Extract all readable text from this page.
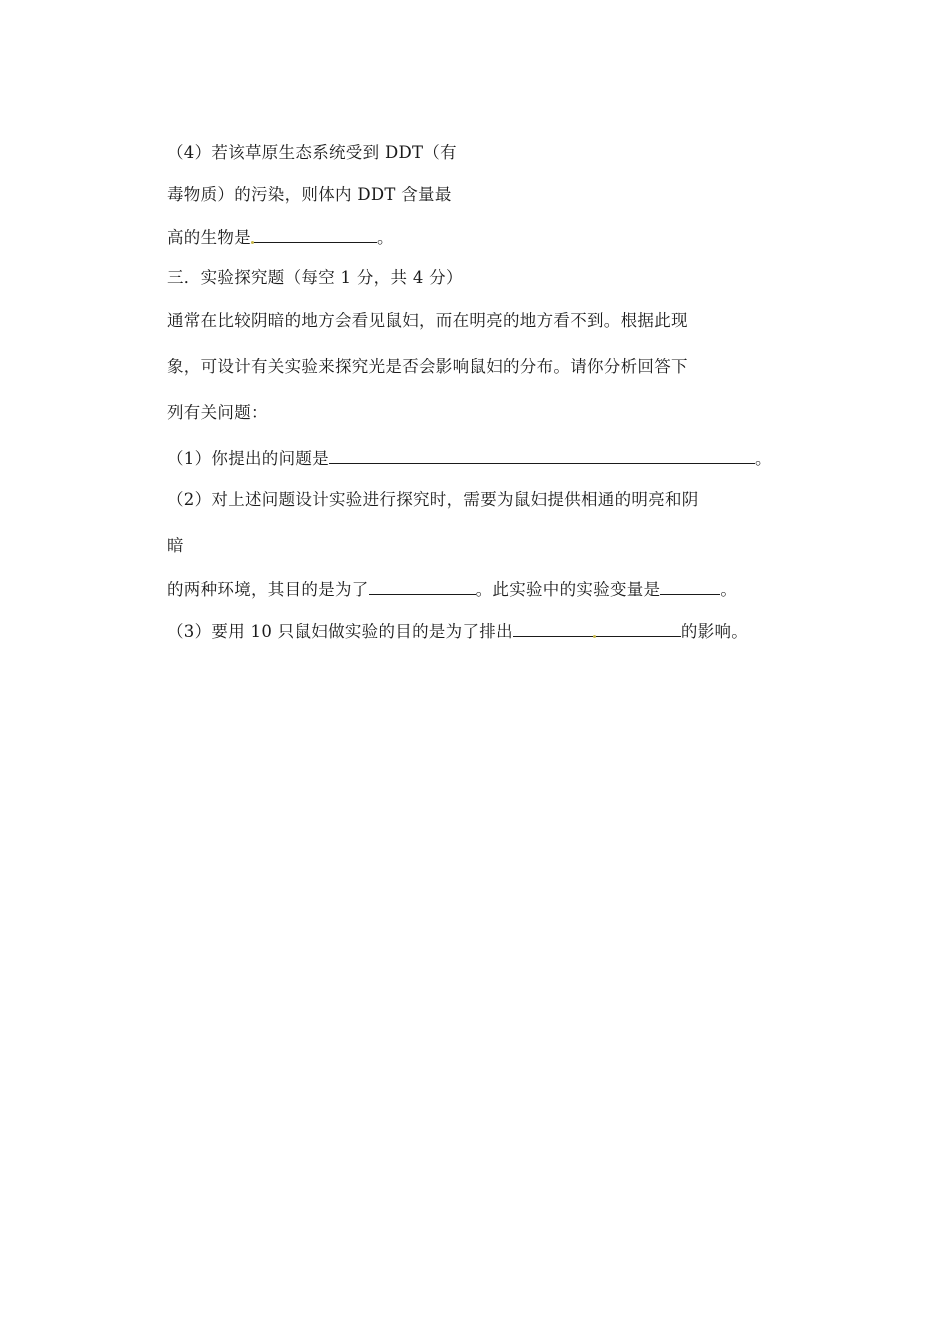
（4）若该草原生态系统受到 DDT（有
毒物质）的污染，则体内 DDT 含量最
高的生物是	。
三．实验探究题（每空 1 分，共 4 分）
通常在比较阴暗的地方会看见鼠妇，而在明亮的地方看不到。根据此现
象，可设计有关实验来探究光是否会影响鼠妇的分布。请你分析回答下
列有关问题：
（1）你提出的问题是	。
（2）对上述问题设计实验进行探究时，需要为鼠妇提供相通的明亮和阴
暗
的两种环境，其目的是为了	。此实验中的实验变量是	。
（3）要用 10 只鼠妇做实验的目的是为了排出	的影响。
